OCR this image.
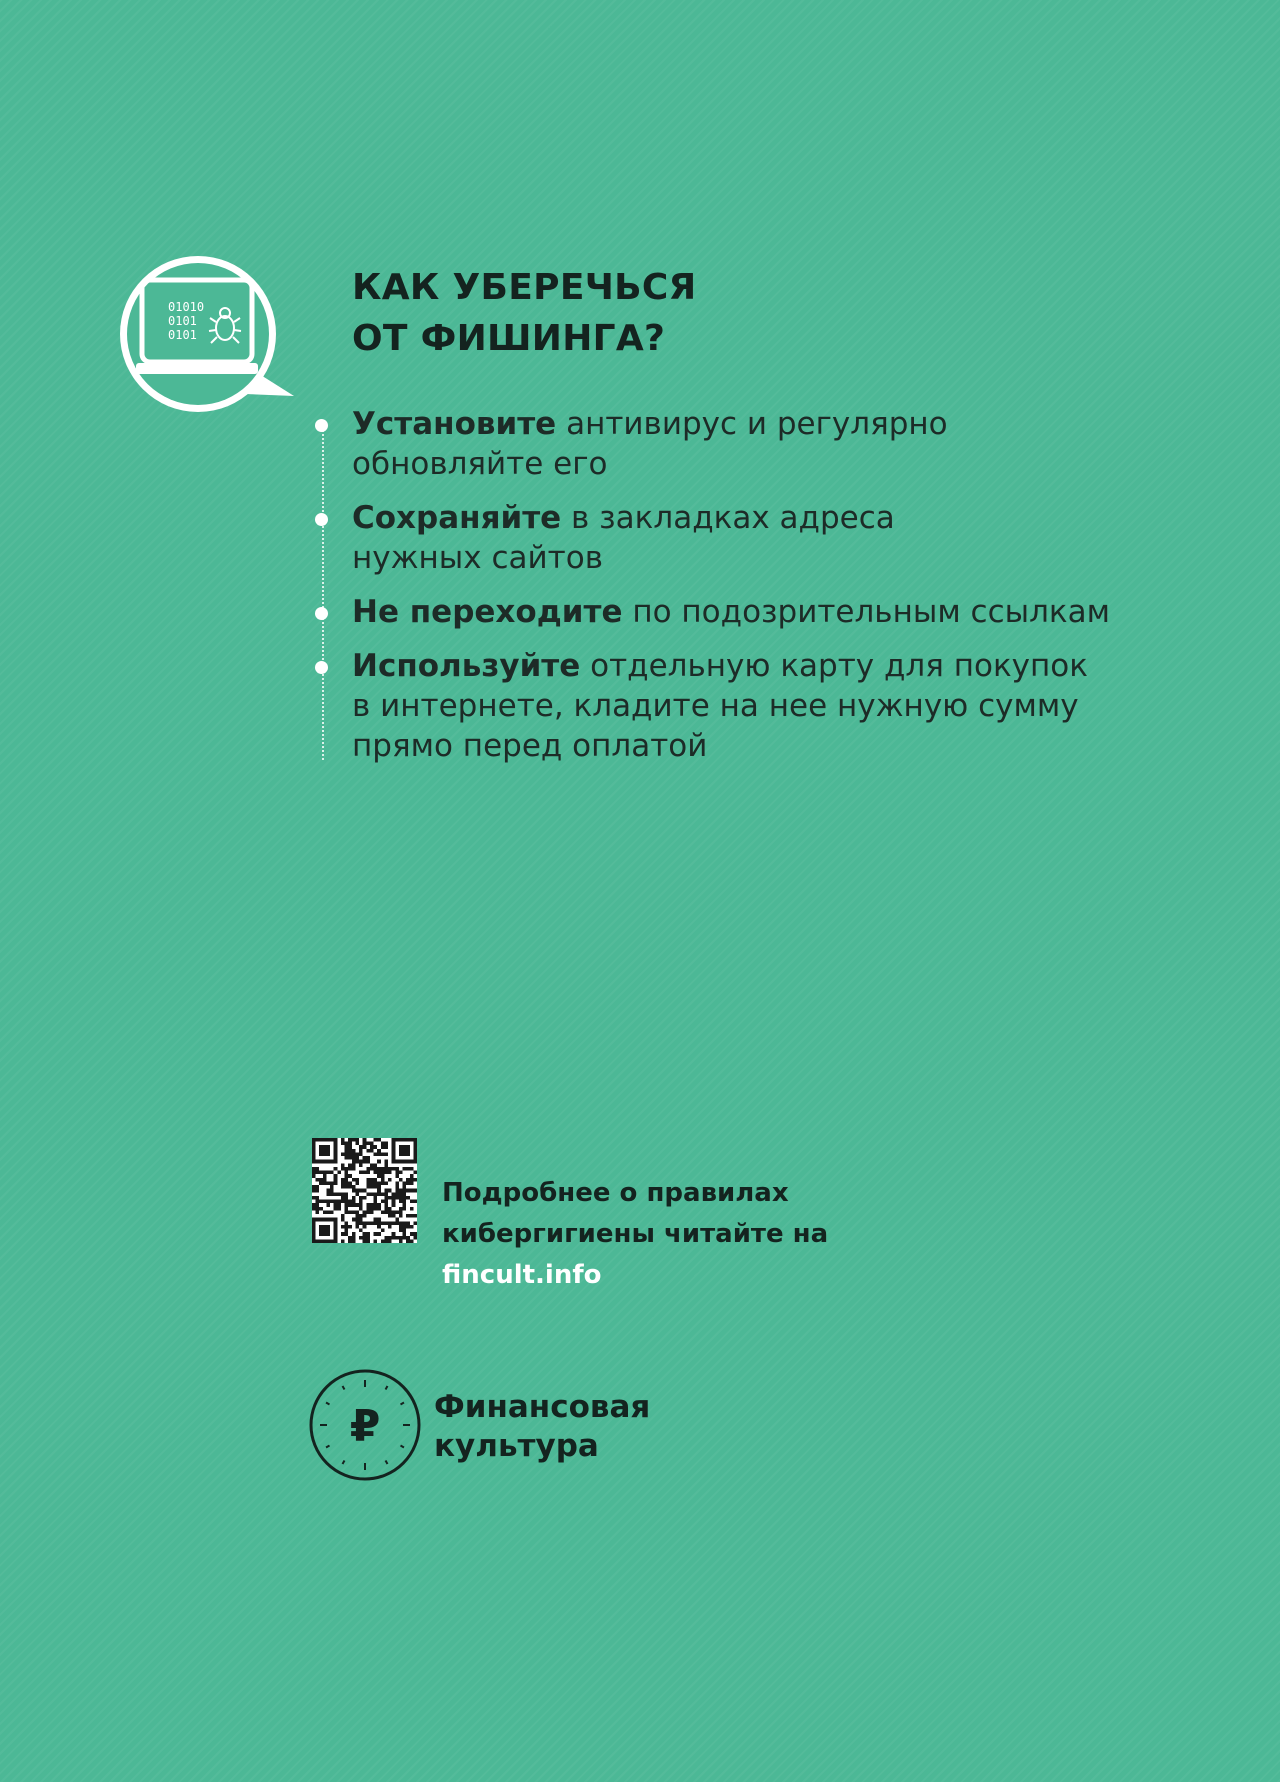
01010
0101
0101
КАК УБЕРЕЧЬСЯ
ОТ ФИШИНГА?
Установите антивирус и регулярно
обновляйте его
Сохраняйте в закладках адреса
нужных сайтов
Не переходите по подозрительным ссылкам
Используйте отдельную карту для покупок
в интернете, кладите на нее нужную сумму
прямо перед оплатой

Подробнее о правилах
кибергигиены читайте на
fincult.info

₽ Финансовая
культура
